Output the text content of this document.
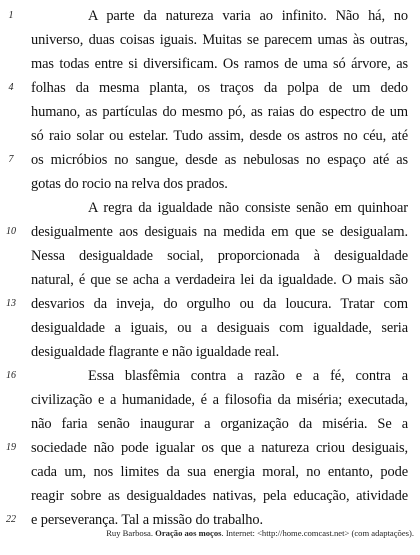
1	A parte da natureza varia ao infinito. Não há, no
universo, duas coisas iguais. Muitas se parecem umas às outras,
mas todas entre si diversificam. Os ramos de uma só árvore, as
4	folhas da mesma planta, os traços da polpa de um dedo
humano, as partículas do mesmo pó, as raias do espectro de um
só raio solar ou estelar. Tudo assim, desde os astros no céu, até
7	os micróbios no sangue, desde as nebulosas no espaço até as
gotas do rocio na relva dos prados.
A regra da igualdade não consiste senão em quinhoar
10	desigualmente aos desiguais na medida em que se desigualam.
Nessa desigualdade social, proporcionada à desigualdade
natural, é que se acha a verdadeira lei da igualdade. O mais são
13	desvarios da inveja, do orgulho ou da loucura. Tratar com
desigualdade a iguais, ou a desiguais com igualdade, seria
desigualdade flagrante e não igualdade real.
16	Essa blasfêmia contra a razão e a fé, contra a
civilização e a humanidade, é a filosofia da miséria; executada,
não faria senão inaugurar a organização da miséria. Se a
19	sociedade não pode igualar os que a natureza criou desiguais,
cada um, nos limites da sua energia moral, no entanto, pode
reagir sobre as desigualdades nativas, pela educação, atividade
22	e perseverança. Tal a missão do trabalho.
Ruy Barbosa. Oração aos moços. Internet: <http://home.comcast.net> (com adaptações).
